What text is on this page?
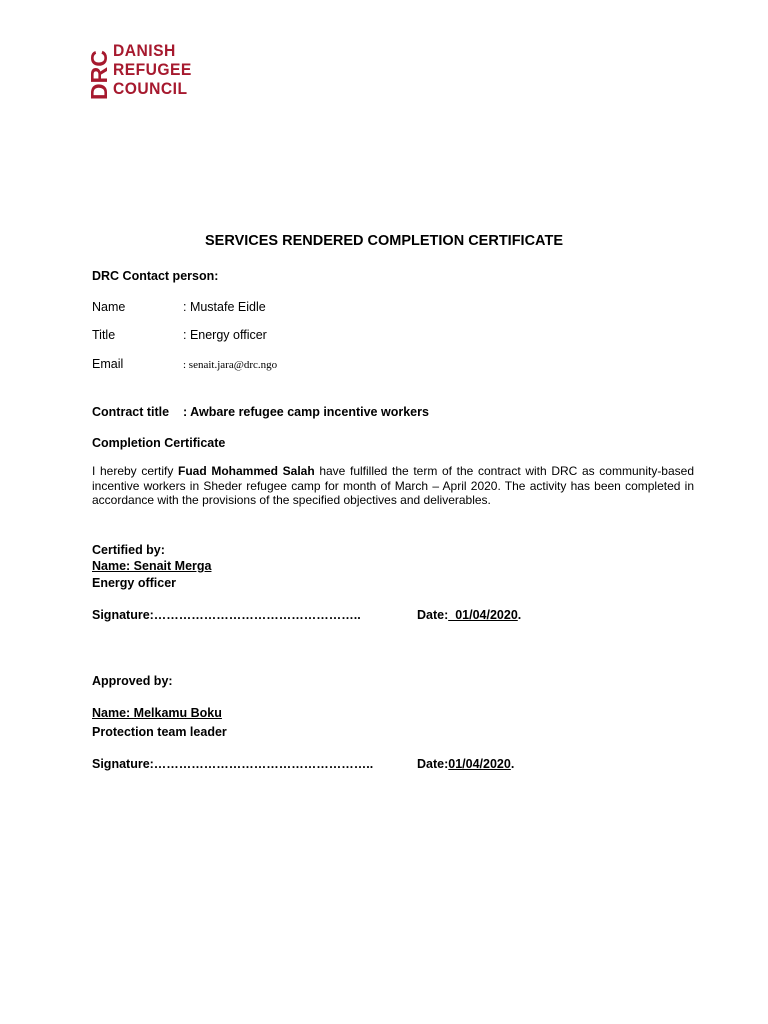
DRC DANISH
REFUGEE
COUNCIL
SERVICES RENDERED COMPLETION CERTIFICATE
DRC Contact person:
Name	: Mustafe Eidle
Title	: Energy officer
Email	: senait.jara@drc.ngo
Contract title : Awbare refugee camp incentive workers
Completion Certificate
I hereby certify Fuad Mohammed Salah have fulfilled the term of the contract with DRC as community-based incentive workers in Sheder refugee camp for month of March – April 2020. The activity has been completed in accordance with the provisions of the specified objectives and deliverables.
Certified by:
Name: Senait Merga
Energy officer
Signature:…………………………………………..	Date:_01/04/2020.
Approved by:
Name: Melkamu Boku
Protection team leader
Signature:……………………………………………..	Date:01/04/2020.
